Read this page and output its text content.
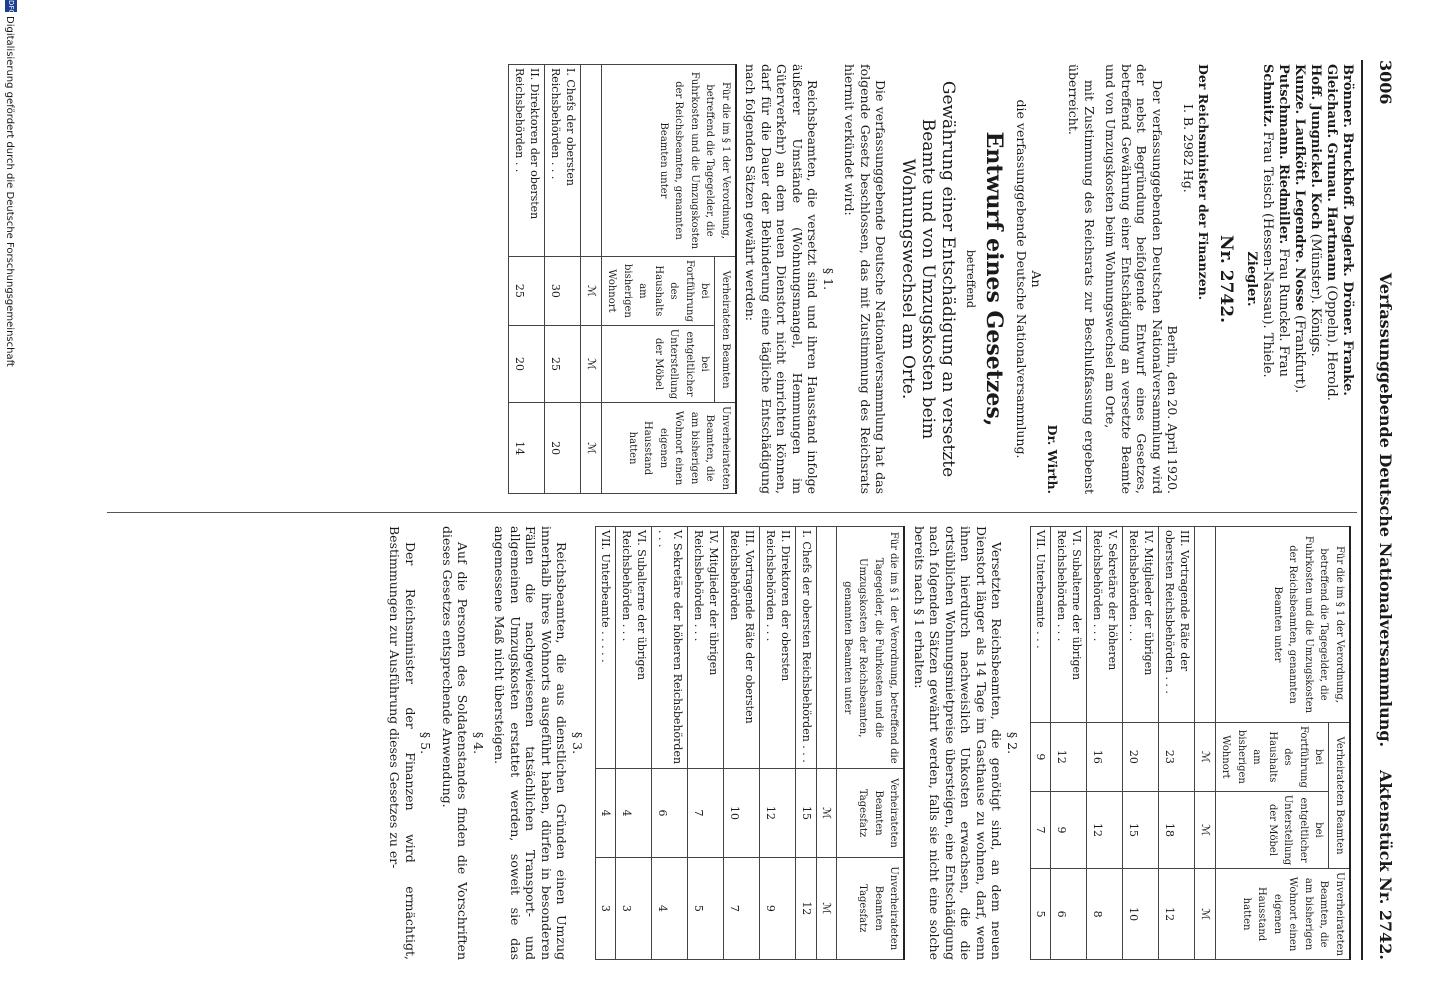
3006
Verfassunggebende Deutsche Nationalversammlung.
Aktenstück Nr. 2742.
Brönner. Bruckhoff. Deglerk. Dröner. Franke.
Gleichauf. Grunau. Hartmann (Oppeln). Herold.
Hoff. Jungnickel. Koch (Münster). Königs.
Kunze. Laufkött. Legendre. Nosse (Frankfurt).
Putschmann. Riedmiller. Frau Runckel. Frau
Schmitz. Frau Teisch (Hessen-Nassau). Thiele.
Ziegler.
Nr. 2742.
Der Reichsminister der Finanzen.
I. B. 2982 Hg.
Berlin, den 20. April 1920.

Der verfassunggebenden Deutschen Nationalversammlung wird der nebst Begründung beifolgende Entwurf eines Gesetzes, betreffend Gewährung einer Entschädigung an versetzte Beamte und von Umzugskosten beim Wohnungswechsel am Orte,

mit Zustimmung des Reichsrats zur Beschlußfassung ergebenst überreicht.

Dr. Wirth.
An
die verfassunggebende Deutsche Nationalversammlung.
Entwurf eines Gesetzes,
betreffend
Gewährung einer Entschädigung an versetzte Beamte und von Umzugskosten beim Wohnungswechsel am Orte.

Die verfassunggebende Deutsche Nationalversammlung hat das folgende Gesetz beschlossen, das mit Zustimmung des Reichsrats hiermit verkündet wird:

§ 1.

Reichsbeamten, die versetzt sind und ihren Hausstand infolge äußerer Umstände (Wohnungsmangel, Hemmungen im Güterverkehr) an dem neuen Dienstort nicht einrichten können, darf für die Dauer der Behinderung eine tägliche Entschädigung nach folgenden Sätzen gewährt werden:

Für die im § 1 der Verordnung, betreffend die Tagegelder, die Fuhrkosten und die Umzugskosten der Reichsbeamten, genannten Beamten unter	Verheirateten Beamten		Unverheirateten Beamten, die am bisherigen Wohnort einen eigenen Hausstand hatten
	bei Fortführung des Haushalts am bisherigen Wohnort	bei entgeltlicher Unterstellung der Möbel	
	ℳ	ℳ	ℳ
I. Chefs der obersten Reichsbehörden . . .	30	25	20
II. Direktoren der obersten Reichsbehörden . .	25	20	14
Für die im § 1 der Verordnung, betreffend die Tagegelder, die Fuhrkosten und die Umzugskosten der Reichsbeamten, genannten Beamten unter	Verheirateten Beamten		Unverheirateten Beamten, die am bisherigen Wohnort einen eigenen Hausstand hatten
	bei Fortführung des Haushalts am bisherigen Wohnort	bei entgeltlicher Unterstellung der Möbel	
	ℳ	ℳ	ℳ
III. Vortragende Räte der obersten Reichsbehörden . . .	23	18	12
IV. Mitglieder der übrigen Reichsbehörden . . .	20	15	10
V. Sekretäre der höheren Reichsbehörden . . .	16	12	8
VI. Subalterne der übrigen Reichsbehörden . . .	12	9	6
VII. Unterbeamte . . .	9	7	5
§ 2.

Versetzten Reichsbeamten, die genötigt sind, an dem neuen Dienstort länger als 14 Tage im Gasthause zu wohnen, darf, wenn ihnen hierdurch nachweislich Unkosten erwachsen, die die ortsüblichen Wohnungsmietpreise übersteigen, eine Entschädigung nach folgenden Sätzen gewährt werden, falls sie nicht eine solche bereits nach § 1 erhalten:

Für die im § 1 der Verordnung, betreffend die Tagegelder, die Fuhrkosten und die Umzugskosten der Reichsbeamten, genannten Beamten unter	Verheirateten Beamten Tagesfatz	Unverheirateten Beamten Tagesfatz
	ℳ	ℳ
I. Chefs der obersten Reichsbehörden . . .	15	12
II. Direktoren der obersten Reichsbehörden . . .	12	9
III. Vortragende Räte der obersten Reichsbehörden	10	7
IV. Mitglieder der übrigen Reichsbehörden . . .	7	5
V. Sekretäre der höheren Reichsbehörden . . .	6	4
VI. Subalterne der übrigen Reichsbehörden . . .	4	3
VII. Unterbeamte . . . . .	4	3
§ 3.

Reichsbeamten, die aus dienstlichen Gründen einen Umzug innerhalb ihres Wohnorts ausgeführt haben, dürfen in besonderen Fällen die nachgewiesenen tatsächlichen Transport- und allgemeinen Umzugskosten erstattet werden, soweit sie das angemessene Maß nicht übersteigen.

§ 4.

Auf die Personen des Soldatenstandes finden die Vorschriften dieses Gesetzes entsprechende Anwendung.

§ 5.

Der Reichsminister der Finanzen wird ermächtigt, Bestimmungen zur Ausführung dieses Gesetzes zu er-

DFG
Digitalisierung gefördert durch die Deutsche Forschungsgemeinschaft
